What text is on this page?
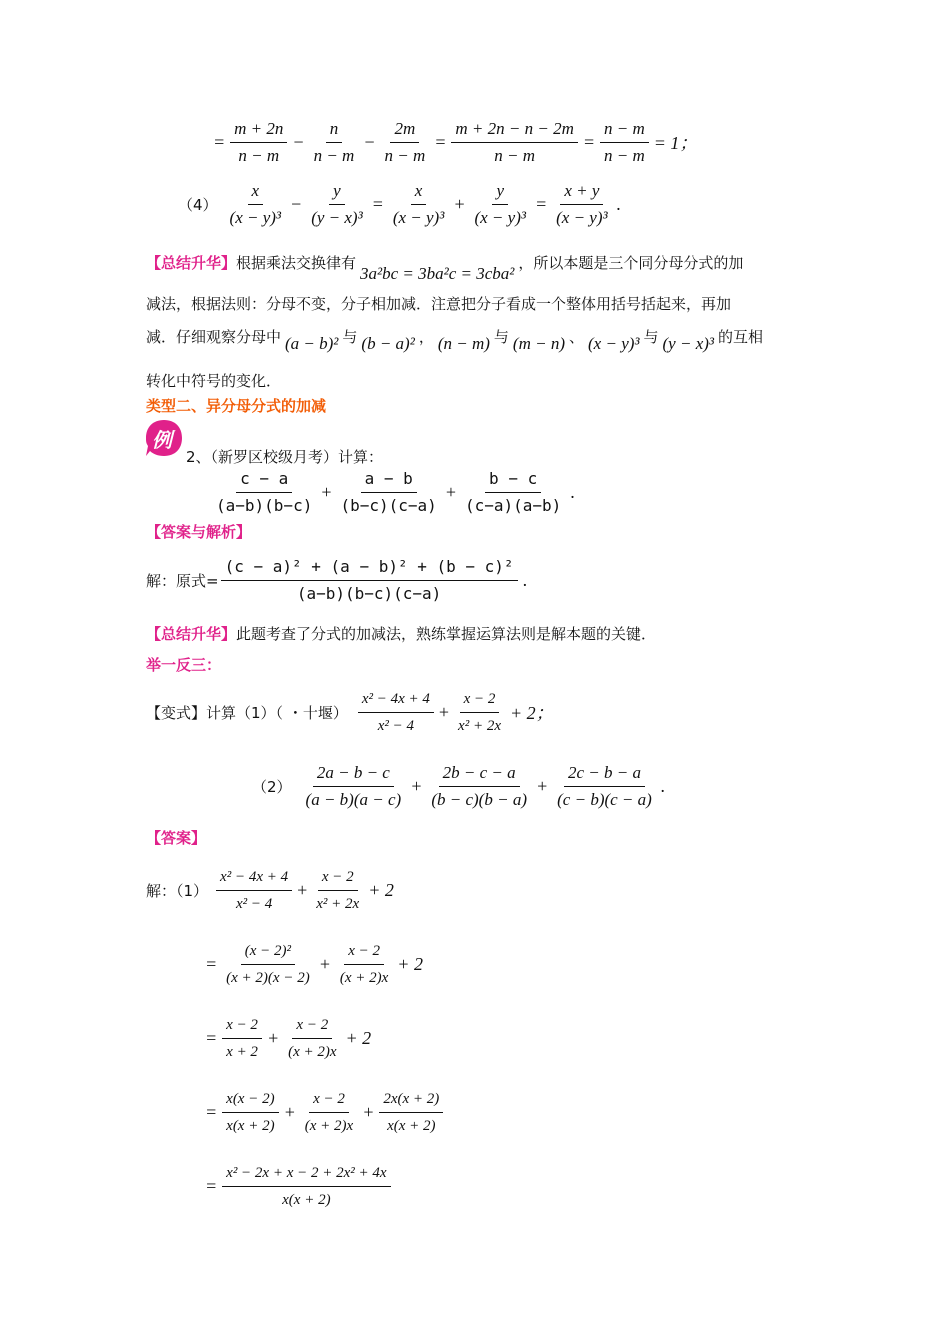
= $\frac{m + 2n}{n - m} - \frac{n}{n - m} - \frac{2m}{n - m} = \frac{m + 2n - n - 2m}{n - m} = \frac{n - m}{n - m} = 1$；
$(4) \frac{x}{\text{(x − y)³}} - \frac{y}{\text{(y − x)³}} = \frac{x}{\text{(x − y)³}} + \frac{y}{\text{(x − y)³}} = \frac{x + y}{\text{(x − y)³}}$ .
【总结升华】 根据乘法交换律有
3a²bc = 3ba²c = 3cba²
，所以本题是三个同分母分式的加
减法，根据法则：分母不变，分子相加减．注意把分子看成一个整体用括号括起来，再加
减．仔细观察分母中 (a − b)² 与 (b − a)² ， (n − m) 与 (m − n) 、 (x − y)³ 与 (y − x)³ 的互相
转化中符号的变化．
类型二、异分母分式的加减
例
2、（新罗区校级月考）计算：
$\frac{c - a}{(a-b)(b-c)} + \frac{a - b}{(b-c)(c-a)} + \frac{b - c}{(c-a)(a-b)}$ .
【答案与解析】
解：原式= $\frac{\text{(c − a)² + (a − b)² + (b − c)²}}{(a-b)(b-c)(c-a)}$ .
【总结升华】 此题考查了分式的加减法，熟练掌握运算法则是解本题的关键．
举一反三：
【变式】 计算（1）（ ・十堰） $\frac{\text{x² − 4x + 4}}{\text{x² − 4}} + \frac{x - 2}{\text{x² + 2x}} + 2$；
$(2) \frac{2a - b - c}{(a - b)(a - c)} + \frac{2b - c - a}{(b - c)(b - a)} + \frac{2c - b - a}{(c - b)(c - a)}$ .
【答案】
解：$(1) \frac{\text{x² − 4x + 4}}{\text{x² − 4}} + \frac{x - 2}{\text{x² + 2x}} + 2$
= $\frac{\text{(x − 2)²}}{(x + 2)(x - 2)} + \frac{x - 2}{(x + 2)x} + 2$
= $\frac{x - 2}{x + 2} + \frac{x - 2}{(x + 2)x} + 2$
= $\frac{x(x - 2)}{x(x + 2)} + \frac{x - 2}{(x + 2)x} + \frac{2x(x + 2)}{x(x + 2)}$
= $\frac{\text{x² − 2x + x − 2 + 2x² + 4x}}{x(x + 2)}$
